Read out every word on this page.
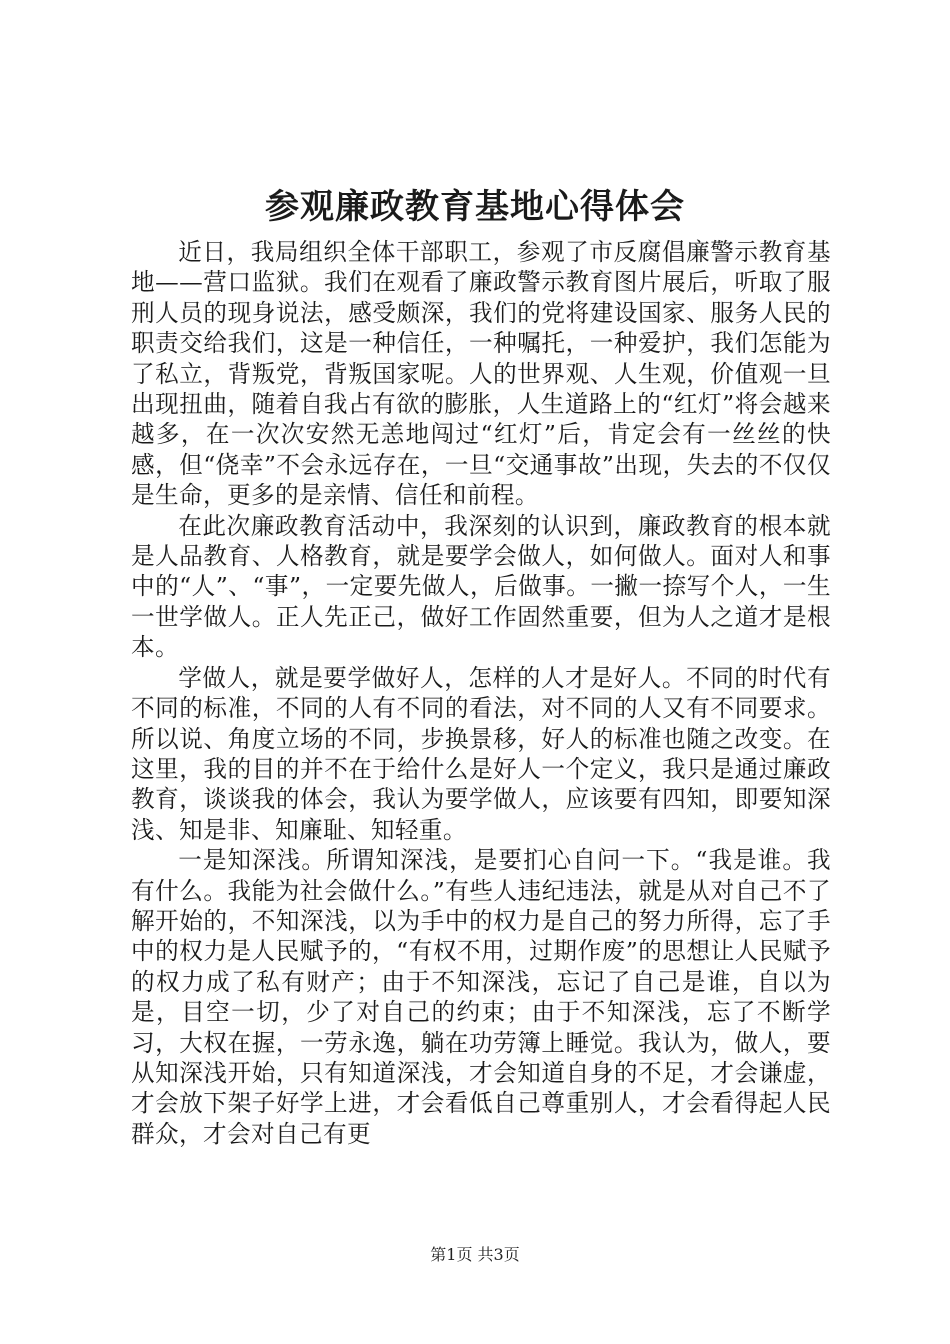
参观廉政教育基地心得体会

近日，我局组织全体干部职工，参观了市反腐倡廉警示教育基地——营口监狱。我们在观看了廉政警示教育图片展后，听取了服刑人员的现身说法，感受颇深，我们的党将建设国家、服务人民的职责交给我们，这是一种信任，一种嘱托，一种爱护，我们怎能为了私立，背叛党，背叛国家呢。人的世界观、人生观，价值观一旦出现扭曲，随着自我占有欲的膨胀，人生道路上的“红灯”将会越来越多，在一次次安然无恙地闯过“红灯”后，肯定会有一丝丝的快感，但“侥幸”不会永远存在，一旦“交通事故”出现，失去的不仅仅是生命，更多的是亲情、信任和前程。

在此次廉政教育活动中，我深刻的认识到，廉政教育的根本就是人品教育、人格教育，就是要学会做人，如何做人。面对人和事中的“人”、“事”，一定要先做人，后做事。一撇一捺写个人，一生一世学做人。正人先正己，做好工作固然重要，但为人之道才是根本。

学做人，就是要学做好人，怎样的人才是好人。不同的时代有不同的标准，不同的人有不同的看法，对不同的人又有不同要求。所以说、角度立场的不同，步换景移，好人的标准也随之改变。在这里，我的目的并不在于给什么是好人一个定义，我只是通过廉政教育，谈谈我的体会，我认为要学做人，应该要有四知，即要知深浅、知是非、知廉耻、知轻重。

一是知深浅。所谓知深浅，是要扪心自问一下。“我是谁。我有什么。我能为社会做什么。”有些人违纪违法，就是从对自己不了解开始的，不知深浅，以为手中的权力是自己的努力所得，忘了手中的权力是人民赋予的，“有权不用，过期作废”的思想让人民赋予的权力成了私有财产；由于不知深浅，忘记了自己是谁，自以为是，目空一切，少了对自己的约束；由于不知深浅，忘了不断学习，大权在握，一劳永逸，躺在功劳簿上睡觉。我认为，做人，要从知深浅开始，只有知道深浅，才会知道自身的不足，才会谦虚，才会放下架子好学上进，才会看低自己尊重别人，才会看得起人民群众，才会对自己有更

第1页 共3页
